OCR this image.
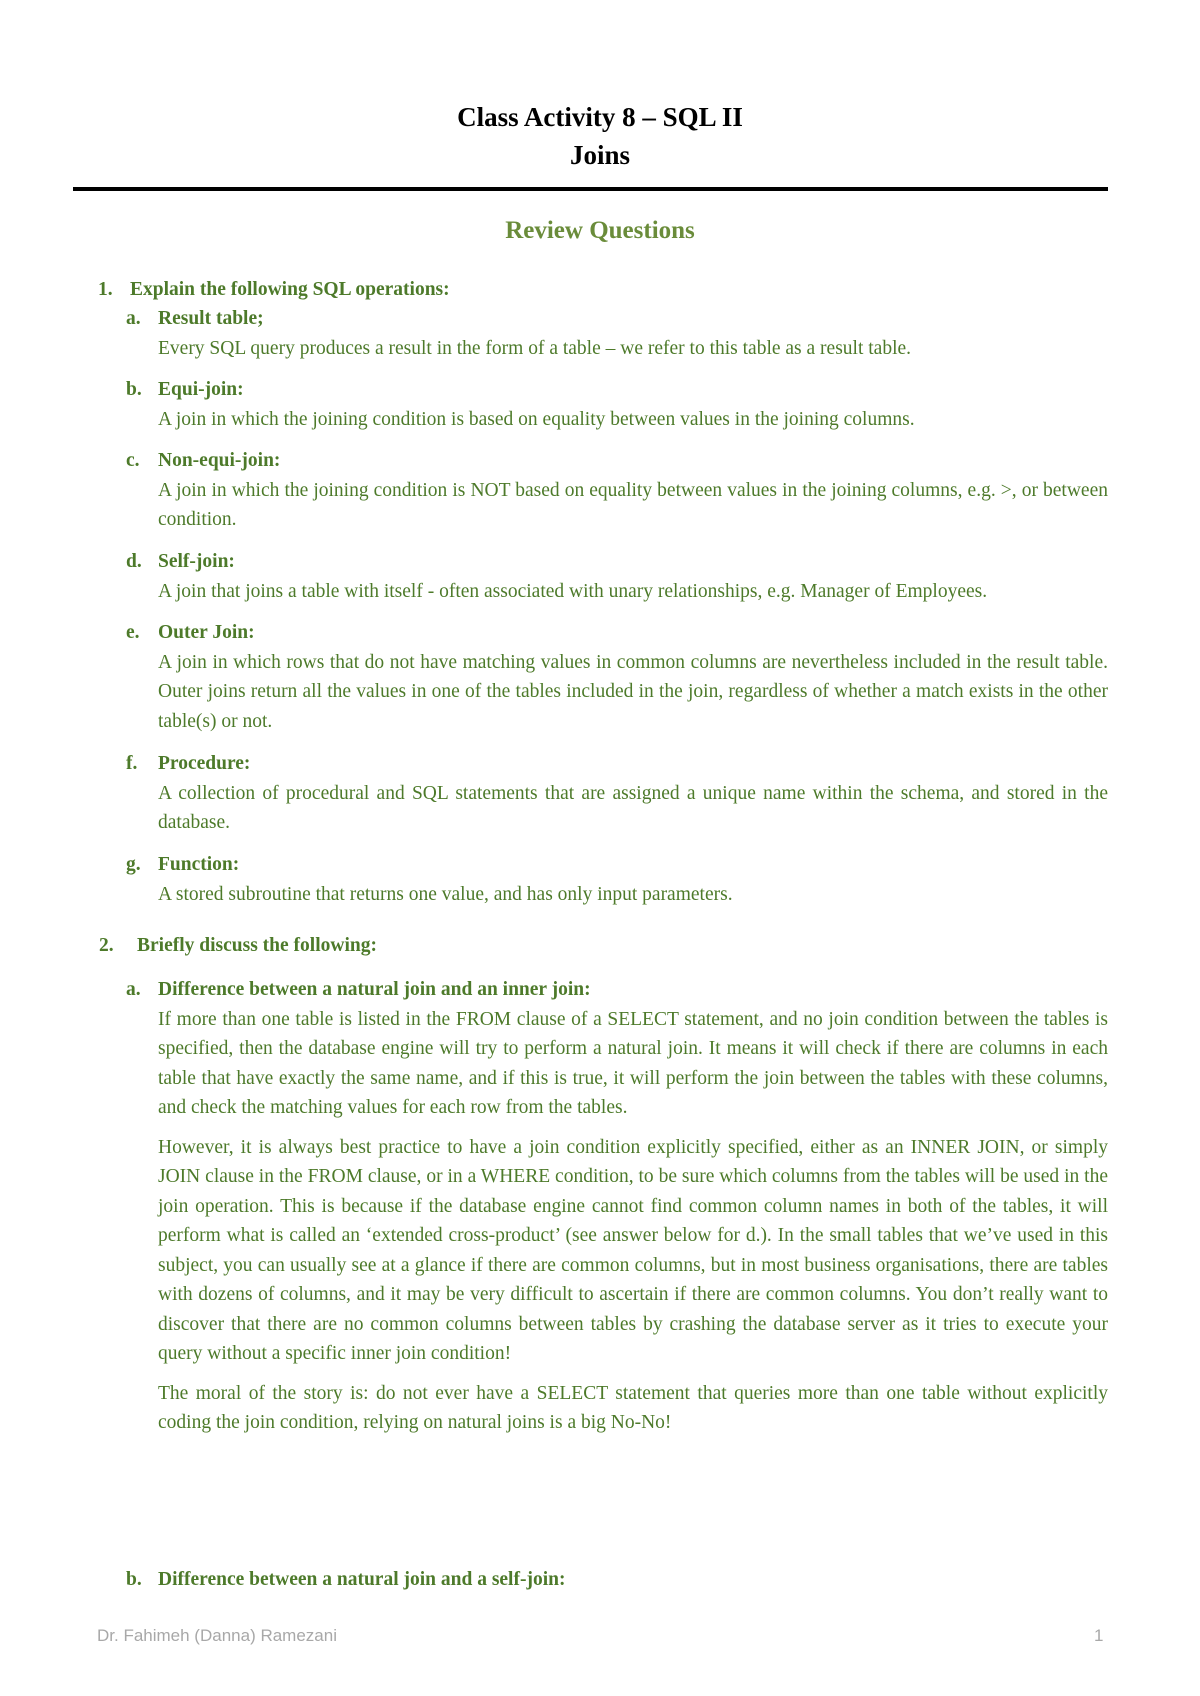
Class Activity 8 – SQL II
Joins
Review Questions
1. Explain the following SQL operations:
a. Result table;
Every SQL query produces a result in the form of a table – we refer to this table as a result table.
b. Equi-join:
A join in which the joining condition is based on equality between values in the joining columns.
c. Non-equi-join:
A join in which the joining condition is NOT based on equality between values in the joining columns, e.g. >, or between condition.
d. Self-join:
A join that joins a table with itself - often associated with unary relationships, e.g. Manager of Employees.
e. Outer Join:
A join in which rows that do not have matching values in common columns are nevertheless included in the result table. Outer joins return all the values in one of the tables included in the join, regardless of whether a match exists in the other table(s) or not.
f. Procedure:
A collection of procedural and SQL statements that are assigned a unique name within the schema, and stored in the database.
g. Function:
A stored subroutine that returns one value, and has only input parameters.
2. Briefly discuss the following:
a. Difference between a natural join and an inner join:

If more than one table is listed in the FROM clause of a SELECT statement, and no join condition between the tables is specified, then the database engine will try to perform a natural join. It means it will check if there are columns in each table that have exactly the same name, and if this is true, it will perform the join between the tables with these columns, and check the matching values for each row from the tables.

However, it is always best practice to have a join condition explicitly specified, either as an INNER JOIN, or simply JOIN clause in the FROM clause, or in a WHERE condition, to be sure which columns from the tables will be used in the join operation. This is because if the database engine cannot find common column names in both of the tables, it will perform what is called an ‘extended cross-product’ (see answer below for d.). In the small tables that we’ve used in this subject, you can usually see at a glance if there are common columns, but in most business organisations, there are tables with dozens of columns, and it may be very difficult to ascertain if there are common columns. You don’t really want to discover that there are no common columns between tables by crashing the database server as it tries to execute your query without a specific inner join condition!

The moral of the story is: do not ever have a SELECT statement that queries more than one table without explicitly coding the join condition, relying on natural joins is a big No-No!

b. Difference between a natural join and a self-join:
Dr. Fahimeh (Danna) Ramezani	1
